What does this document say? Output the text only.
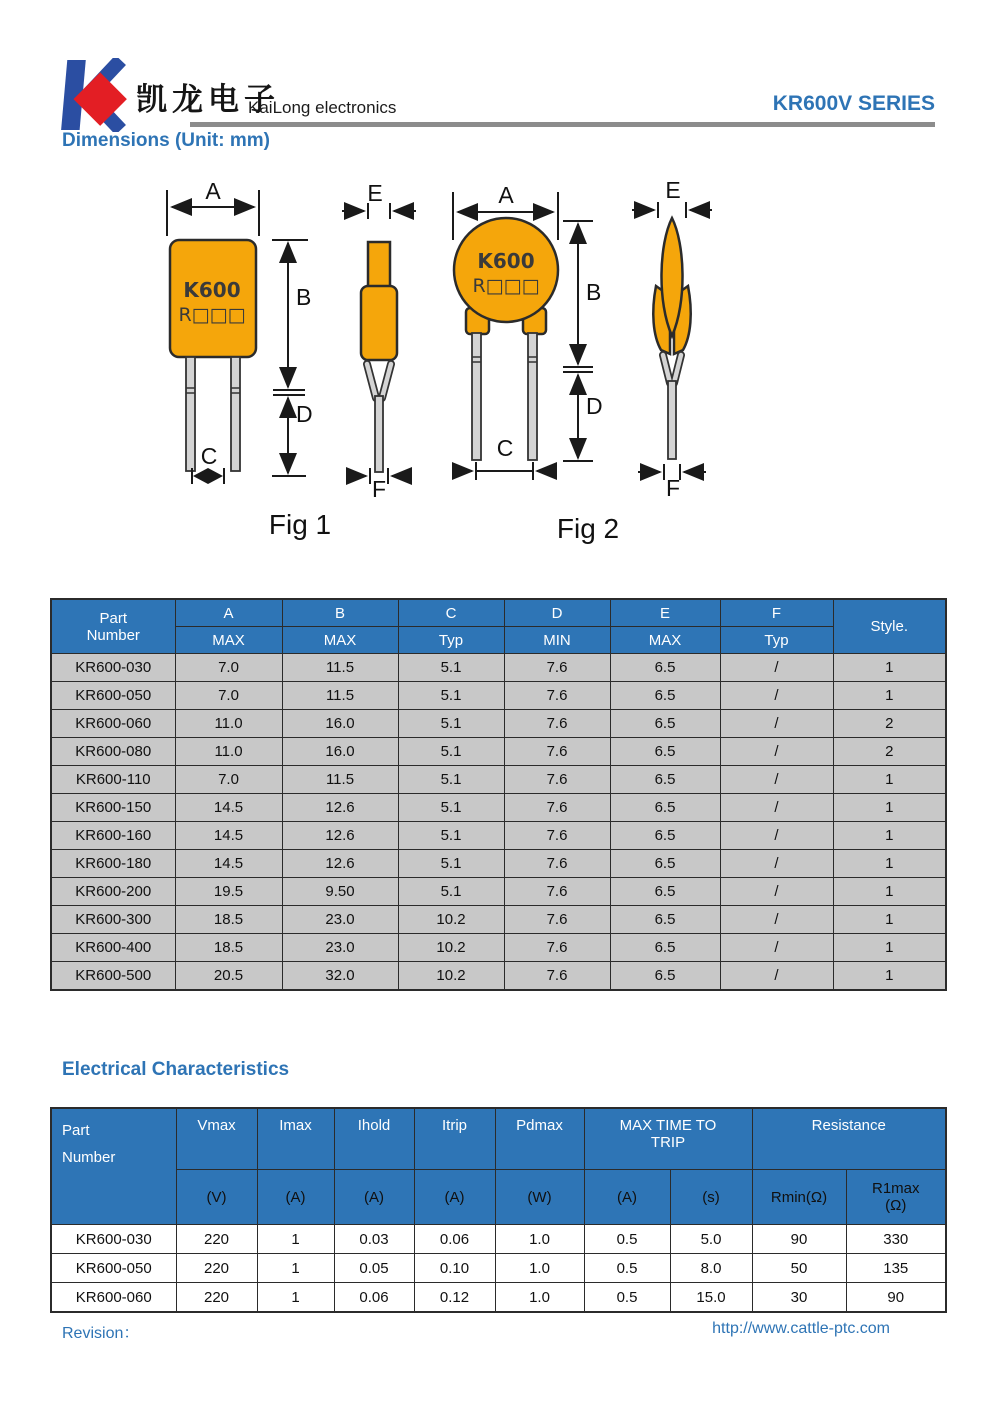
凯龙电子
KaiLong electronics	KR600V SERIES
Dimensions (Unit: mm)
A
K600
R□□□
B
D
C
E
F
Fig 1
A
K600
R□□□
C
B
D
E
F
Fig 2
Part
Number	A	B	C	D	E	F	Style.
	MAX	MAX	Typ	MIN	MAX	Typ	
KR600-030	7.0	11.5	5.1	7.6	6.5	/	1
KR600-050	7.0	11.5	5.1	7.6	6.5	/	1
KR600-060	11.0	16.0	5.1	7.6	6.5	/	2
KR600-080	11.0	16.0	5.1	7.6	6.5	/	2
KR600-110	7.0	11.5	5.1	7.6	6.5	/	1
KR600-150	14.5	12.6	5.1	7.6	6.5	/	1
KR600-160	14.5	12.6	5.1	7.6	6.5	/	1
KR600-180	14.5	12.6	5.1	7.6	6.5	/	1
KR600-200	19.5	9.50	5.1	7.6	6.5	/	1
KR600-300	18.5	23.0	10.2	7.6	6.5	/	1
KR600-400	18.5	23.0	10.2	7.6	6.5	/	1
KR600-500	20.5	32.0	10.2	7.6	6.5	/	1
Electrical Characteristics
Part
Number
	Vmax	Imax	Ihold	Itrip	Pdmax	MAX TIME TO
TRIP
	Resistance
	(V)	(A)	(A)	(A)	(W)	(A)	(s)	Rmin(Ω)	R1max
(Ω)

KR600-030	220	1	0.03	0.06	1.0	0.5	5.0	90	330
KR600-050	220	1	0.05	0.10	1.0	0.5	8.0	50	135
KR600-060	220	1	0.06	0.12	1.0	0.5	15.0	30	90
Revision：	http://www.cattle-ptc.com
